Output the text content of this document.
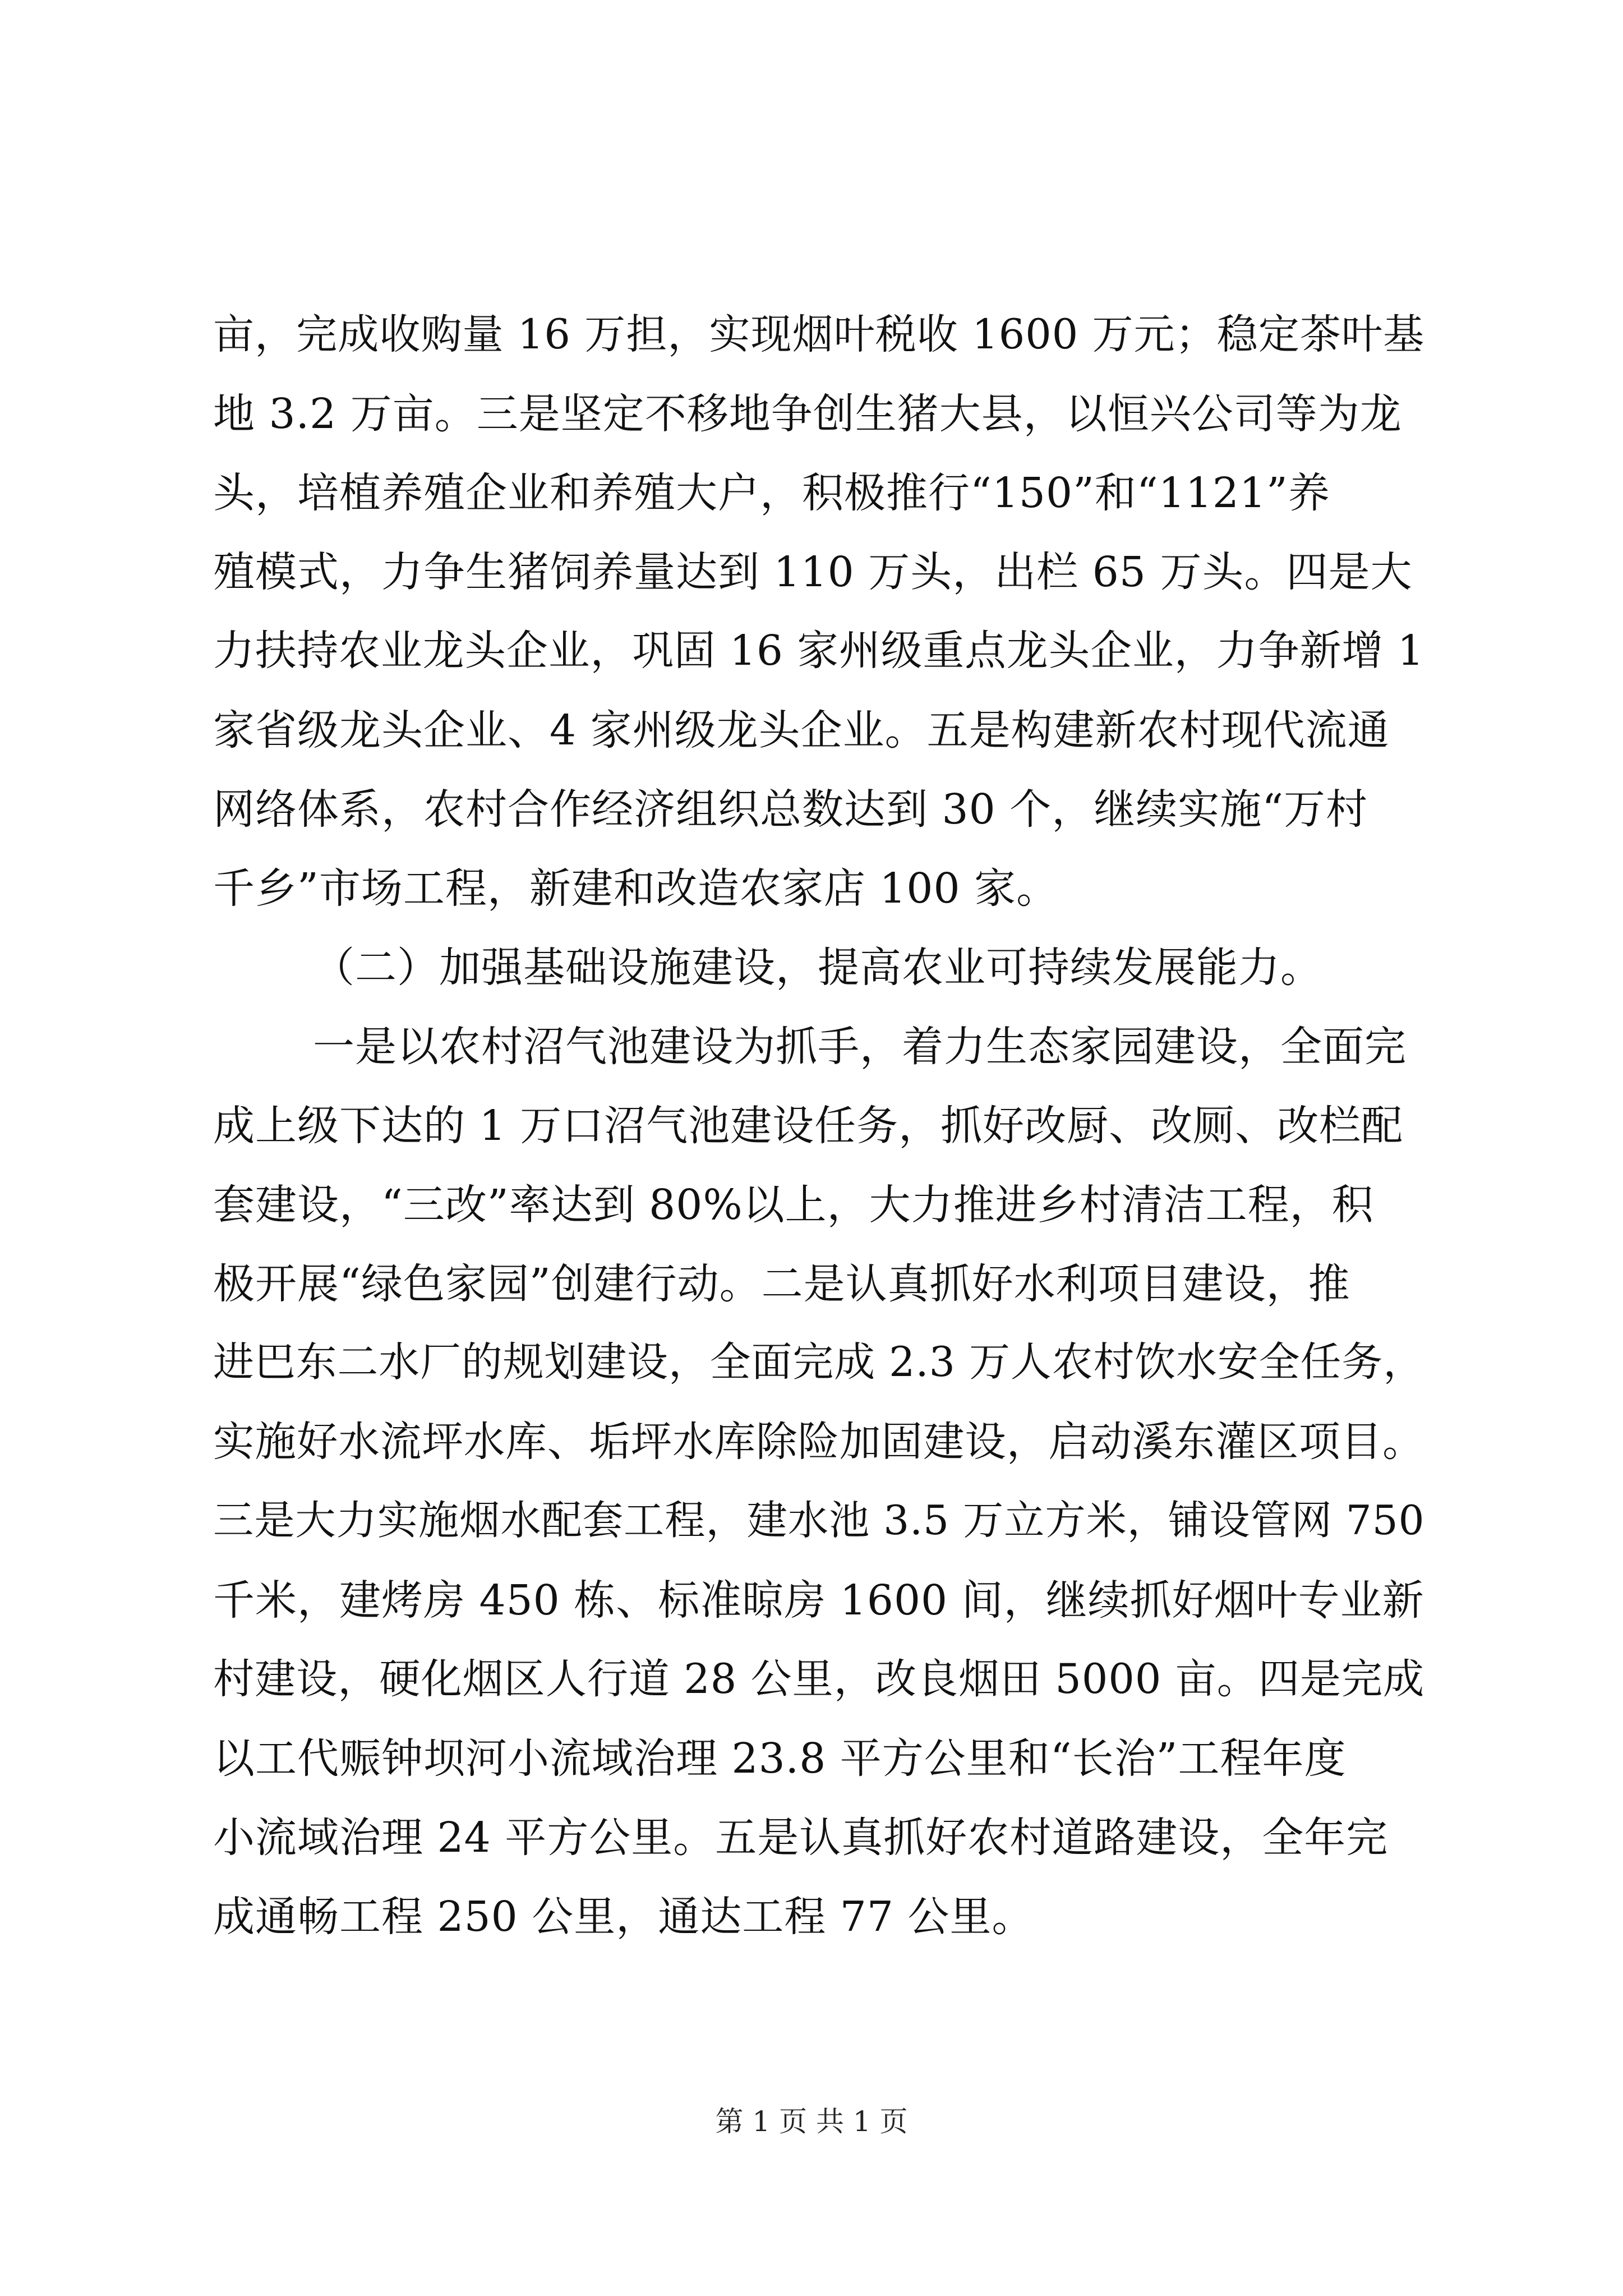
亩，完成收购量 16 万担，实现烟叶税收 1600 万元；稳定茶叶基
地 3.2 万亩。三是坚定不移地争创生猪大县，以恒兴公司等为龙
头，培植养殖企业和养殖大户，积极推行“150”和“1121”养
殖模式，力争生猪饲养量达到 110 万头，出栏 65 万头。四是大
力扶持农业龙头企业，巩固 16 家州级重点龙头企业，力争新增 1
家省级龙头企业、4 家州级龙头企业。五是构建新农村现代流通
网络体系，农村合作经济组织总数达到 30 个，继续实施“万村
千乡”市场工程，新建和改造农家店 100 家。
（二）加强基础设施建设，提高农业可持续发展能力。
一是以农村沼气池建设为抓手，着力生态家园建设，全面完
成上级下达的 1 万口沼气池建设任务，抓好改厨、改厕、改栏配
套建设，“三改”率达到 80%以上，大力推进乡村清洁工程，积
极开展“绿色家园”创建行动。二是认真抓好水利项目建设，推
进巴东二水厂的规划建设，全面完成 2.3 万人农村饮水安全任务，
实施好水流坪水库、垢坪水库除险加固建设，启动溪东灌区项目。
三是大力实施烟水配套工程，建水池 3.5 万立方米，铺设管网 750
千米，建烤房 450 栋、标准晾房 1600 间，继续抓好烟叶专业新
村建设，硬化烟区人行道 28 公里，改良烟田 5000 亩。四是完成
以工代赈钟坝河小流域治理 23.8 平方公里和“长治”工程年度
小流域治理 24 平方公里。五是认真抓好农村道路建设，全年完
成通畅工程 250 公里，通达工程 77 公里。
第 1 页 共 1 页
